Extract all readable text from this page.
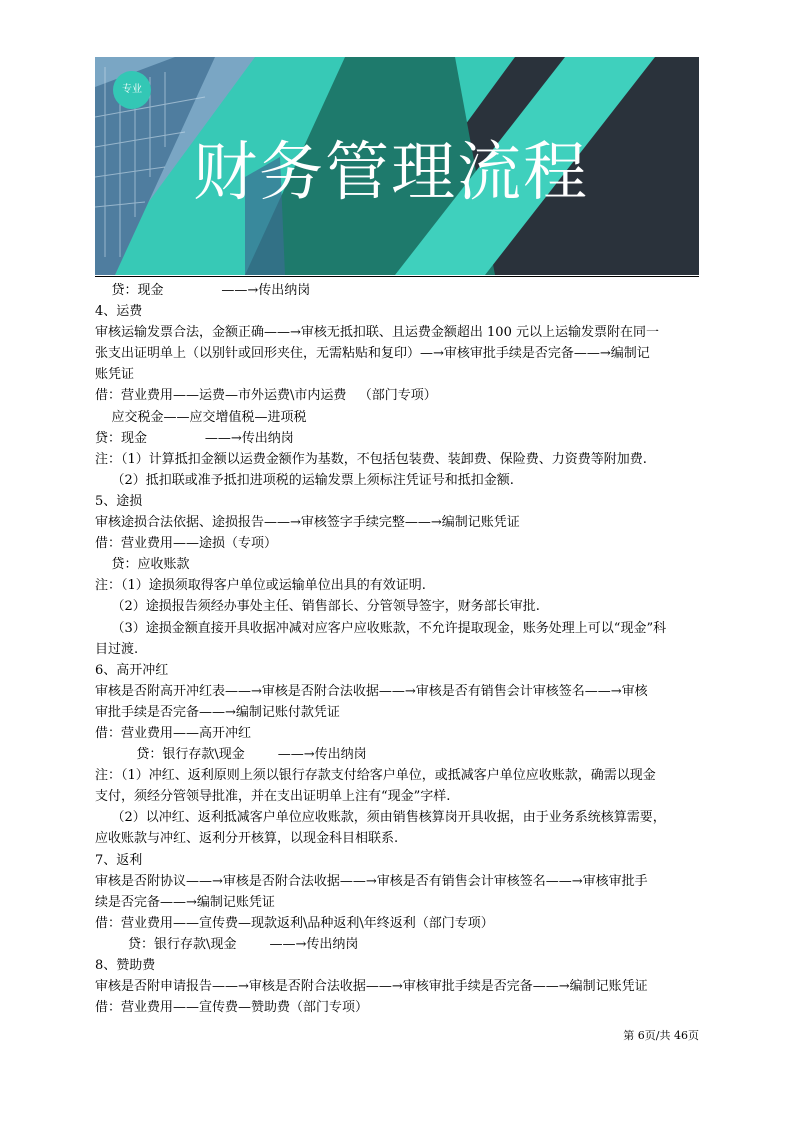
专业
财务管理流程
贷：现金              ——→传出纳岗
4、运费
审核运输发票合法，金额正确——→审核无抵扣联、且运费金额超出 100 元以上运输发票附在同一
张支出证明单上（以别针或回形夹住，无需粘贴和复印）—→审核审批手续是否完备——→编制记
账凭证
借：营业费用——运费—市外运费\市内运费   （部门专项）
应交税金——应交增值税—进项税
贷：现金              ——→传出纳岗
注：（1）计算抵扣金额以运费金额作为基数，不包括包装费、装卸费、保险费、力资费等附加费.
（2）抵扣联或准予抵扣进项税的运输发票上须标注凭证号和抵扣金额.
5、途损
审核途损合法依据、途损报告——→审核签字手续完整——→编制记账凭证
借：营业费用——途损（专项）
贷：应收账款
注：（1）途损须取得客户单位或运输单位出具的有效证明.
（2）途损报告须经办事处主任、销售部长、分管领导签字，财务部长审批.
（3）途损金额直接开具收据冲减对应客户应收账款，不允许提取现金，账务处理上可以“现金”科
目过渡.
6、高开冲红
审核是否附高开冲红表——→审核是否附合法收据——→审核是否有销售会计审核签名——→审核
审批手续是否完备——→编制记账付款凭证
借：营业费用——高开冲红
贷：银行存款\现金        ——→传出纳岗
注：（1）冲红、返利原则上须以银行存款支付给客户单位，或抵减客户单位应收账款，确需以现金
支付，须经分管领导批准，并在支出证明单上注有“现金”字样.
（2）以冲红、返利抵减客户单位应收账款，须由销售核算岗开具收据，由于业务系统核算需要，
应收账款与冲红、返利分开核算，以现金科目相联系.
7、返利
审核是否附协议——→审核是否附合法收据——→审核是否有销售会计审核签名——→审核审批手
续是否完备——→编制记账凭证
借：营业费用——宣传费—现款返利\品种返利\年终返利（部门专项）
贷：银行存款\现金        ——→传出纳岗
8、赞助费
审核是否附申请报告——→审核是否附合法收据——→审核审批手续是否完备——→编制记账凭证
借：营业费用——宣传费—赞助费（部门专项）
第 6页/共 46页
